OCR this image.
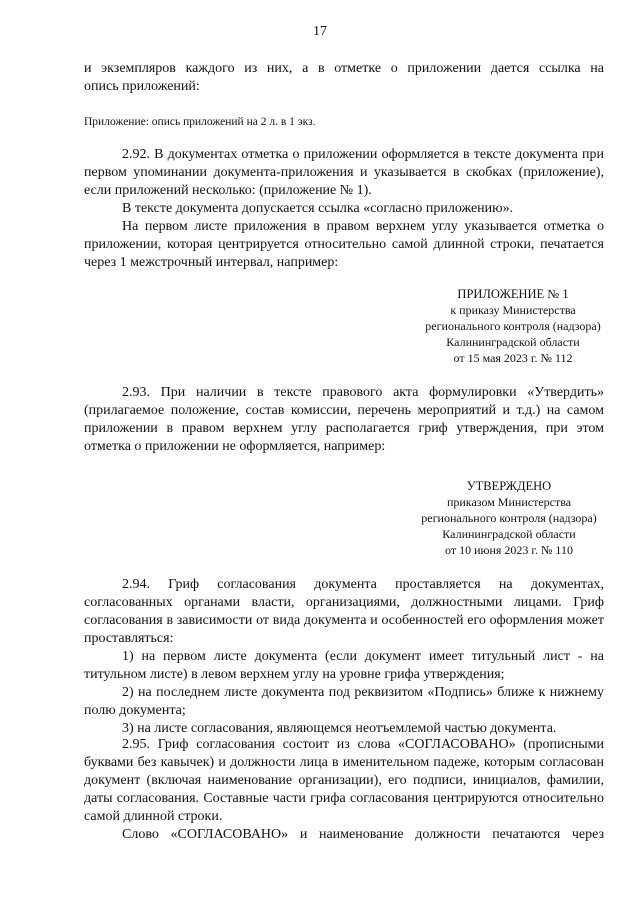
17

и экземпляров каждого из них, а в отметке о приложении дается ссылка на

опись приложений:

Приложение: опись приложений на 2 л. в 1 экз.

2.92. В документах отметка о приложении оформляется в тексте документа при первом упоминании документа-приложения и указывается в скобках (приложение), если приложений несколько: (приложение № 1).

В тексте документа допускается ссылка «согласно приложению».

На первом листе приложения в правом верхнем углу указывается отметка о приложении, которая центрируется относительно самой длинной строки, печатается через 1 межстрочный интервал, например:

ПРИЛОЖЕНИЕ № 1
к приказу Министерства
регионального контроля (надзора)
Калининградской области
от 15 мая 2023 г. № 112

2.93. При наличии в тексте правового акта формулировки «Утвердить» (прилагаемое положение, состав комиссии, перечень мероприятий и т.д.) на самом приложении в правом верхнем углу располагается гриф утверждения, при этом отметка о приложении не оформляется, например:

УТВЕРЖДЕНО
приказом Министерства
регионального контроля (надзора)
Калининградской области
от 10 июня 2023 г. № 110

2.94. Гриф согласования документа проставляется на документах, согласованных органами власти, организациями, должностными лицами. Гриф согласования в зависимости от вида документа и особенностей его оформления может проставляться:

1) на первом листе документа (если документ имеет титульный лист - на титульном листе) в левом верхнем углу на уровне грифа утверждения;

2) на последнем листе документа под реквизитом «Подпись» ближе к нижнему полю документа;

3) на листе согласования, являющемся неотъемлемой частью документа.

2.95. Гриф согласования состоит из слова «СОГЛАСОВАНО» (прописными буквами без кавычек) и должности лица в именительном падеже, которым согласован документ (включая наименование организации), его подписи, инициалов, фамилии, даты согласования. Составные части грифа согласования центрируются относительно самой длинной строки.

Слово «СОГЛАСОВАНО» и наименование должности печатаются через
